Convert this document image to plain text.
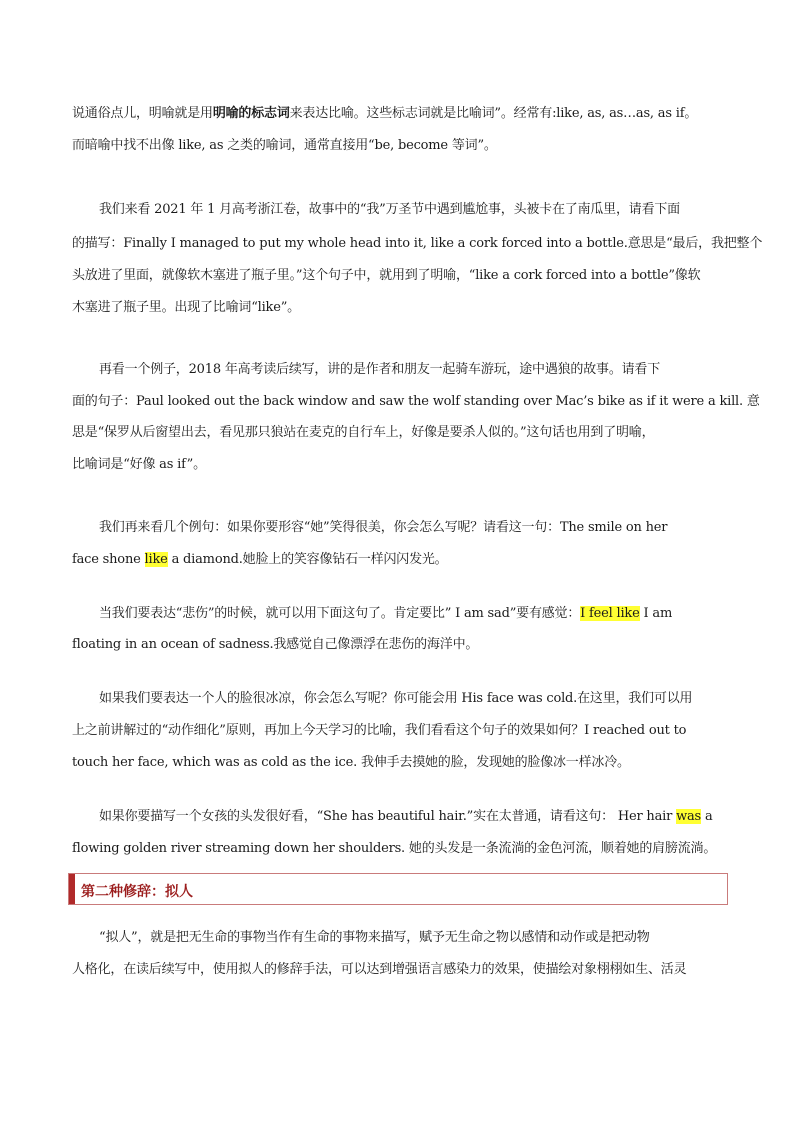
说通俗点儿，明喻就是用明喻的标志词来表达比喻。这些标志词就是比喻词”。经常有:like, as, as…as, as if。
而暗喻中找不出像 like, as 之类的喻词，通常直接用“be, become 等词”。
我们来看 2021 年 1 月高考浙江卷，故事中的“我”万圣节中遇到尴尬事，头被卡在了南瓜里，请看下面
的描写：Finally I managed to put my whole head into it, like a cork forced into a bottle.意思是“最后，我把整个
头放进了里面，就像软木塞进了瓶子里。”这个句子中，就用到了明喻，“like a cork forced into a bottle”像软
木塞进了瓶子里。出现了比喻词“like”。
再看一个例子，2018 年高考读后续写，讲的是作者和朋友一起骑车游玩，途中遇狼的故事。请看下
面的句子：Paul looked out the back window and saw the wolf standing over Mac’s bike as if it were a kill. 意
思是“保罗从后窗望出去，看见那只狼站在麦克的自行车上，好像是要杀人似的。”这句话也用到了明喻，
比喻词是“好像 as if”。
我们再来看几个例句：如果你要形容“她”笑得很美，你会怎么写呢？请看这一句：The smile on her
face shone like a diamond.她脸上的笑容像钻石一样闪闪发光。
当我们要表达“悲伤”的时候，就可以用下面这句了。肯定要比” I am sad”要有感觉：I feel like I am
floating in an ocean of sadness.我感觉自己像漂浮在悲伤的海洋中。
如果我们要表达一个人的脸很冰凉，你会怎么写呢？你可能会用 His face was cold.在这里，我们可以用
上之前讲解过的“动作细化”原则，再加上今天学习的比喻，我们看看这个句子的效果如何？I reached out to
touch her face, which was as cold as the ice. 我伸手去摸她的脸，发现她的脸像冰一样冰冷。
如果你要描写一个女孩的头发很好看，“She has beautiful hair.”实在太普通，请看这句： Her hair was a
flowing golden river streaming down her shoulders. 她的头发是一条流淌的金色河流，顺着她的肩膀流淌。
第二种修辞：拟人
“拟人”，就是把无生命的事物当作有生命的事物来描写，赋予无生命之物以感情和动作或是把动物
人格化，在读后续写中，使用拟人的修辞手法，可以达到增强语言感染力的效果，使描绘对象栩栩如生、活灵
